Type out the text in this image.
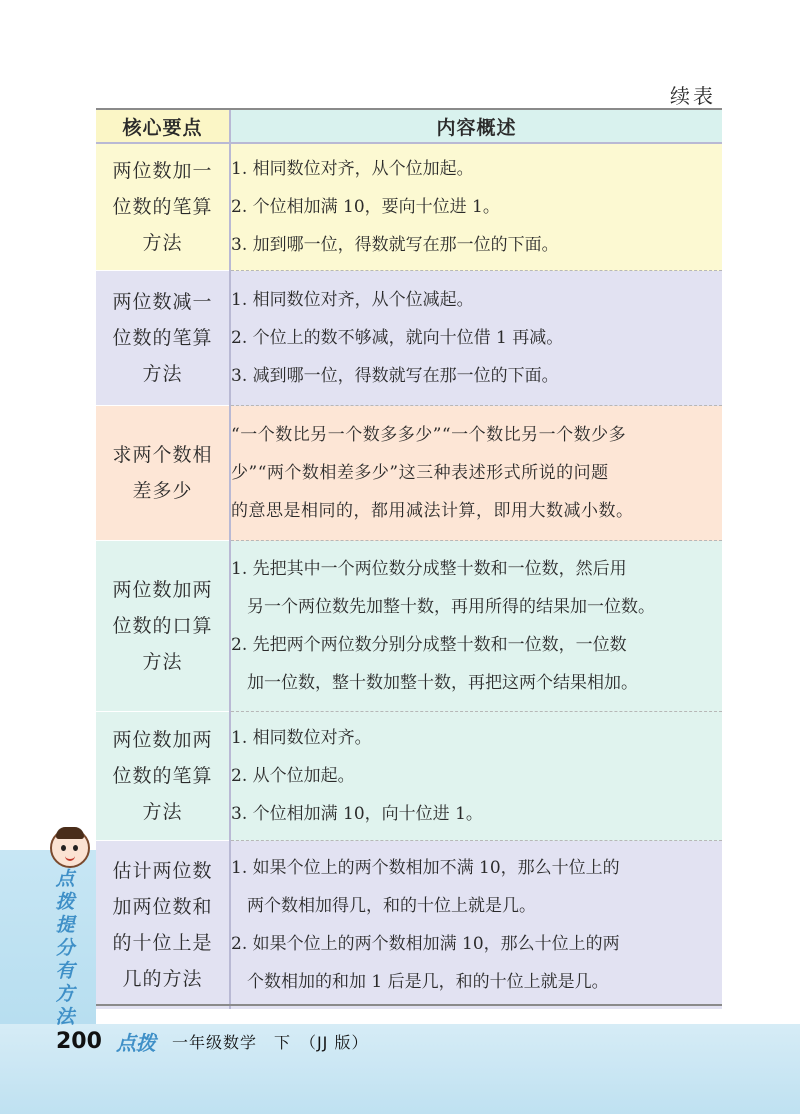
续表
核心要点	内容概述
两位数加一位数的笔算方法	1. 相同数位对齐，从个位加起。
2. 个位相加满 10，要向十位进 1。
3. 加到哪一位，得数就写在那一位的下面。

两位数减一位数的笔算方法	1. 相同数位对齐，从个位减起。
2. 个位上的数不够减，就向十位借 1 再减。
3. 减到哪一位，得数就写在那一位的下面。

求两个数相差多少	“一个数比另一个数多多少”“一个数比另一个数少多
少”“两个数相差多少”这三种表述形式所说的问题
的意思是相同的，都用减法计算，即用大数减小数。

两位数加两位数的口算方法	1. 先把其中一个两位数分成整十数和一位数，然后用
另一个两位数先加整十数，再用所得的结果加一位数。
2. 先把两个两位数分别分成整十数和一位数，一位数
加一位数，整十数加整十数，再把这两个结果相加。

两位数加两位数的笔算方法	1. 相同数位对齐。
2. 从个位加起。
3. 个位相加满 10，向十位进 1。

估计两位数加两位数和的十位上是几的方法	1. 如果个位上的两个数相加不满 10，那么十位上的
两个数相加得几，和的十位上就是几。
2. 如果个位上的两个数相加满 10，那么十位上的两
个数相加的和加 1 后是几，和的十位上就是几。
点
拨
提
分
有
方
法
200 点拨 一年级数学　下　（JJ 版）
